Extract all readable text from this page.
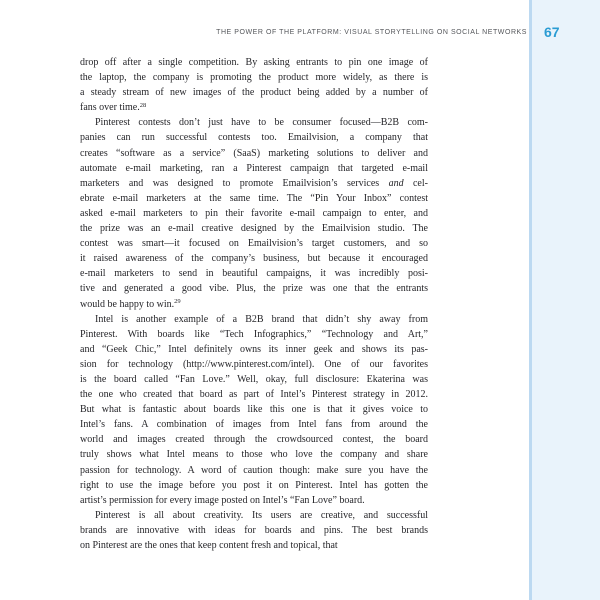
THE POWER OF THE PLATFORM: VISUAL STORYTELLING ON SOCIAL NETWORKS 67
drop off after a single competition. By asking entrants to pin one image of
the laptop, the company is promoting the product more widely, as there is
a steady stream of new images of the product being added by a number of
fans over time.$^{28}$
Pinterest contests don’t just have to be consumer focused—B2B com-
panies can run successful contests too. Emailvision, a company that
creates “software as a service” (SaaS) marketing solutions to deliver and
automate e-mail marketing, ran a Pinterest campaign that targeted e-mail
marketers and was designed to promote Emailvision’s services and cel-
ebrate e-mail marketers at the same time. The “Pin Your Inbox” contest
asked e-mail marketers to pin their favorite e-mail campaign to enter, and
the prize was an e-mail creative designed by the Emailvision studio. The
contest was smart—it focused on Emailvision’s target customers, and so
it raised awareness of the company’s business, but because it encouraged
e-mail marketers to send in beautiful campaigns, it was incredibly posi-
tive and generated a good vibe. Plus, the prize was one that the entrants
would be happy to win.$^{29}$
Intel is another example of a B2B brand that didn’t shy away from
Pinterest. With boards like “Tech Infographics,” “Technology and Art,”
and “Geek Chic,” Intel definitely owns its inner geek and shows its pas-
sion for technology (http://www.pinterest.com/intel). One of our favorites
is the board called “Fan Love.” Well, okay, full disclosure: Ekaterina was
the one who created that board as part of Intel’s Pinterest strategy in 2012.
But what is fantastic about boards like this one is that it gives voice to
Intel’s fans. A combination of images from Intel fans from around the
world and images created through the crowdsourced contest, the board
truly shows what Intel means to those who love the company and share
passion for technology. A word of caution though: make sure you have the
right to use the image before you post it on Pinterest. Intel has gotten the
artist’s permission for every image posted on Intel’s “Fan Love” board.
Pinterest is all about creativity. Its users are creative, and successful
brands are innovative with ideas for boards and pins. The best brands
on Pinterest are the ones that keep content fresh and topical, that
